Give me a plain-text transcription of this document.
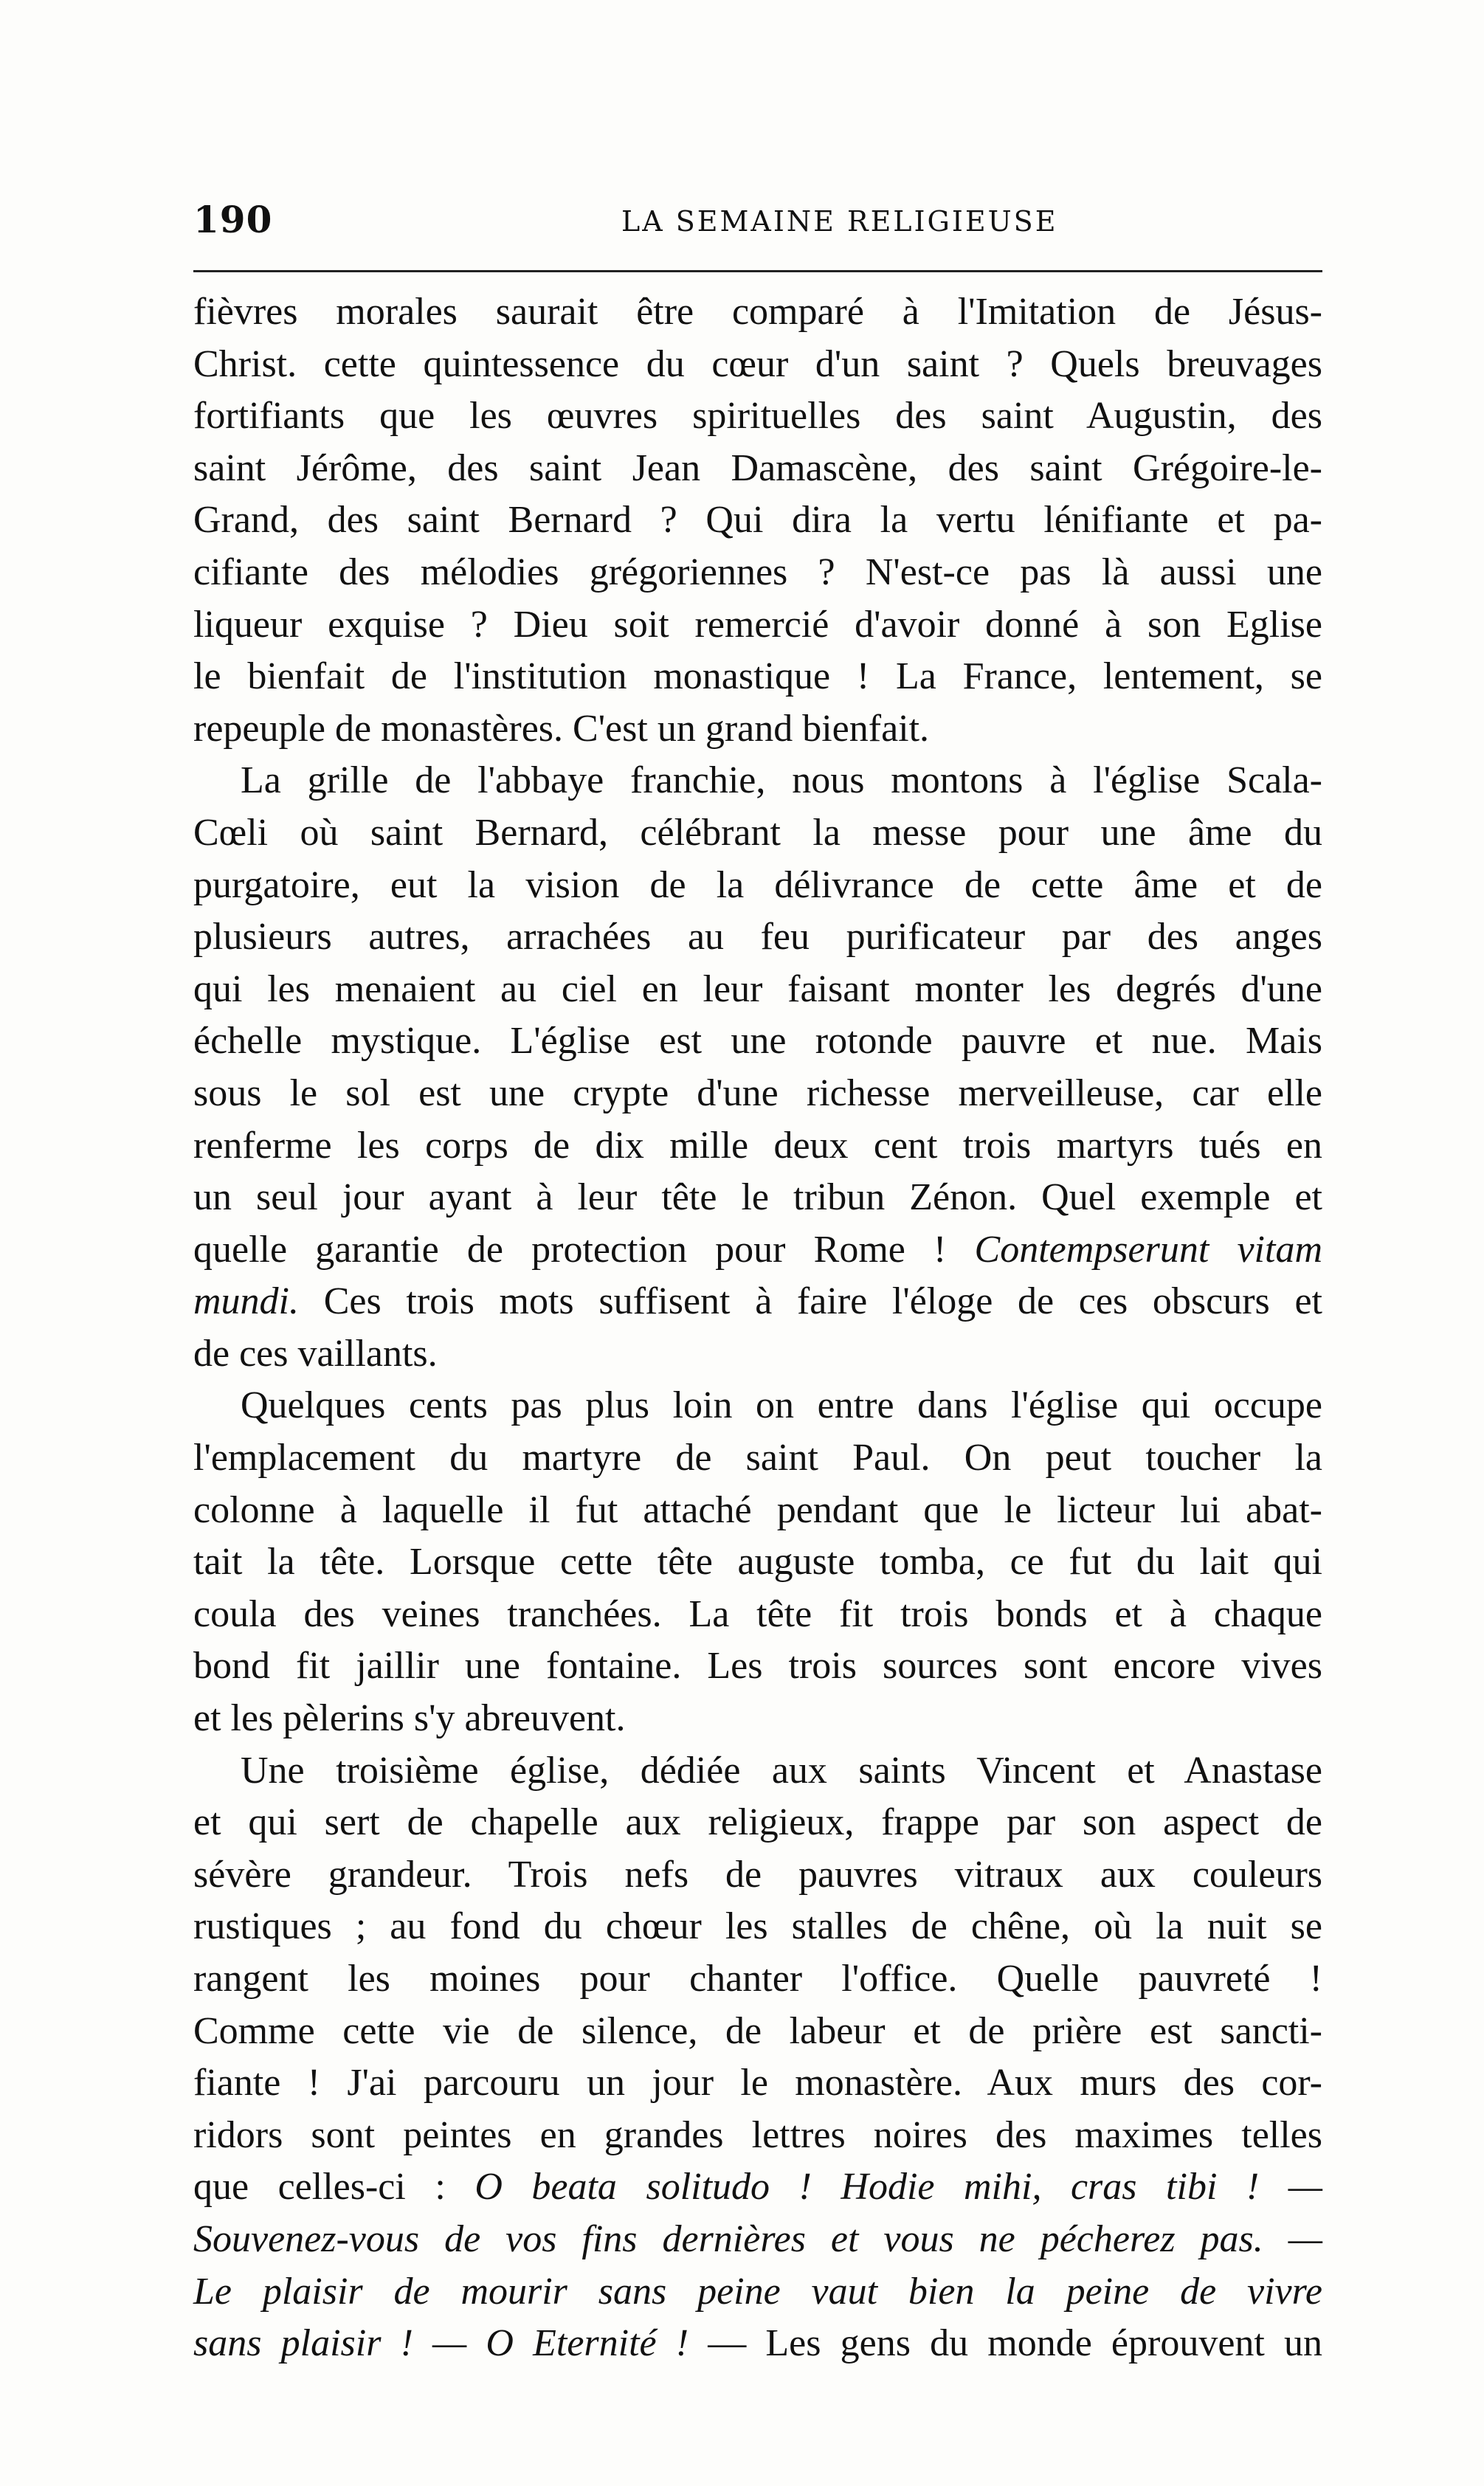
190	LA SEMAINE RELIGIEUSE
fièvres morales saurait être comparé à l'Imitation de Jésus-
Christ. cette quintessence du cœur d'un saint ? Quels breuvages
fortifiants que les œuvres spirituelles des saint Augustin, des
saint Jérôme, des saint Jean Damascène, des saint Grégoire-le-
Grand, des saint Bernard ? Qui dira la vertu lénifiante et pa-
cifiante des mélodies grégoriennes ? N'est-ce pas là aussi une
liqueur exquise ? Dieu soit remercié d'avoir donné à son Eglise
le bienfait de l'institution monastique ! La France, lentement, se
repeuple de monastères. C'est un grand bienfait.
La grille de l'abbaye franchie, nous montons à l'église Scala-
Cœli où saint Bernard, célébrant la messe pour une âme du
purgatoire, eut la vision de la délivrance de cette âme et de
plusieurs autres, arrachées au feu purificateur par des anges
qui les menaient au ciel en leur faisant monter les degrés d'une
échelle mystique. L'église est une rotonde pauvre et nue. Mais
sous le sol est une crypte d'une richesse merveilleuse, car elle
renferme les corps de dix mille deux cent trois martyrs tués en
un seul jour ayant à leur tête le tribun Zénon. Quel exemple et
quelle garantie de protection pour Rome ! Contempserunt vitam
mundi. Ces trois mots suffisent à faire l'éloge de ces obscurs et
de ces vaillants.
Quelques cents pas plus loin on entre dans l'église qui occupe
l'emplacement du martyre de saint Paul. On peut toucher la
colonne à laquelle il fut attaché pendant que le licteur lui abat-
tait la tête. Lorsque cette tête auguste tomba, ce fut du lait qui
coula des veines tranchées. La tête fit trois bonds et à chaque
bond fit jaillir une fontaine. Les trois sources sont encore vives
et les pèlerins s'y abreuvent.
Une troisième église, dédiée aux saints Vincent et Anastase
et qui sert de chapelle aux religieux, frappe par son aspect de
sévère grandeur. Trois nefs de pauvres vitraux aux couleurs
rustiques ; au fond du chœur les stalles de chêne, où la nuit se
rangent les moines pour chanter l'office. Quelle pauvreté !
Comme cette vie de silence, de labeur et de prière est sancti-
fiante ! J'ai parcouru un jour le monastère. Aux murs des cor-
ridors sont peintes en grandes lettres noires des maximes telles
que celles-ci : O beata solitudo ! Hodie mihi, cras tibi ! —
Souvenez-vous de vos fins dernières et vous ne pécherez pas. —
Le plaisir de mourir sans peine vaut bien la peine de vivre
sans plaisir ! — O Eternité ! — Les gens du monde éprouvent un
